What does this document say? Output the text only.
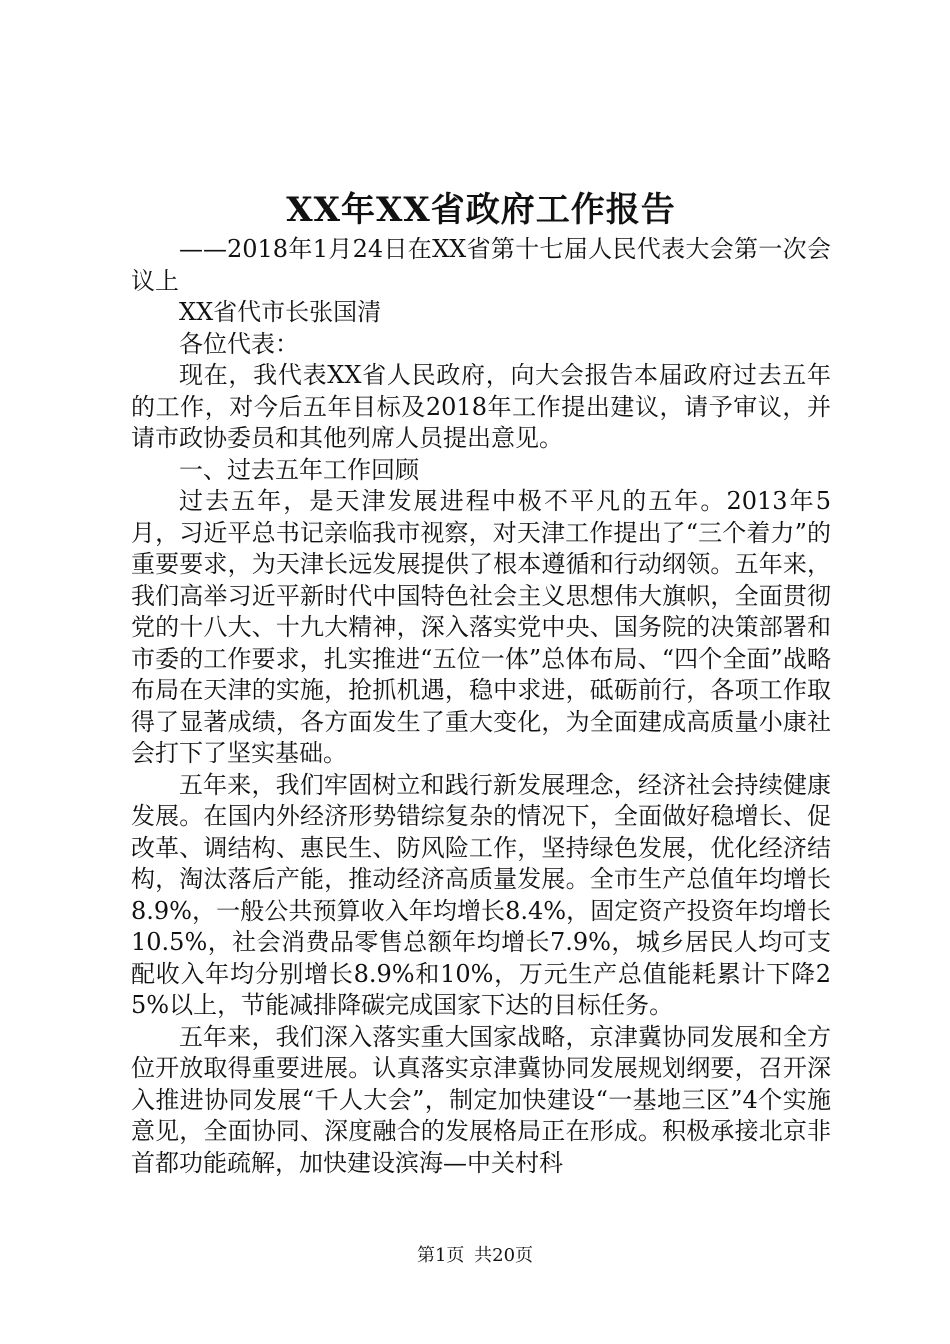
XX年XX省政府工作报告

——2018年1月24日在XX省第十七届人民代表大会第一次会议上

XX省代市长张国清

各位代表：

现在，我代表XX省人民政府，向大会报告本届政府过去五年的工作，对今后五年目标及2018年工作提出建议，请予审议，并请市政协委员和其他列席人员提出意见。

一、过去五年工作回顾

过去五年，是天津发展进程中极不平凡的五年。2013年5月，习近平总书记亲临我市视察，对天津工作提出了“三个着力”的重要要求，为天津长远发展提供了根本遵循和行动纲领。五年来，我们高举习近平新时代中国特色社会主义思想伟大旗帜，全面贯彻党的十八大、十九大精神，深入落实党中央、国务院的决策部署和市委的工作要求，扎实推进“五位一体”总体布局、“四个全面”战略布局在天津的实施，抢抓机遇，稳中求进，砥砺前行，各项工作取得了显著成绩，各方面发生了重大变化，为全面建成高质量小康社会打下了坚实基础。

五年来，我们牢固树立和践行新发展理念，经济社会持续健康发展。在国内外经济形势错综复杂的情况下，全面做好稳增长、促改革、调结构、惠民生、防风险工作，坚持绿色发展，优化经济结构，淘汰落后产能，推动经济高质量发展。全市生产总值年均增长8.9%，一般公共预算收入年均增长8.4%，固定资产投资年均增长10.5%，社会消费品零售总额年均增长7.9%，城乡居民人均可支配收入年均分别增长8.9%和10%，万元生产总值能耗累计下降25%以上，节能减排降碳完成国家下达的目标任务。

五年来，我们深入落实重大国家战略，京津冀协同发展和全方位开放取得重要进展。认真落实京津冀协同发展规划纲要，召开深入推进协同发展“千人大会”，制定加快建设“一基地三区”4个实施意见，全面协同、深度融合的发展格局正在形成。积极承接北京非首都功能疏解，加快建设滨海—中关村科

第1页 共20页
